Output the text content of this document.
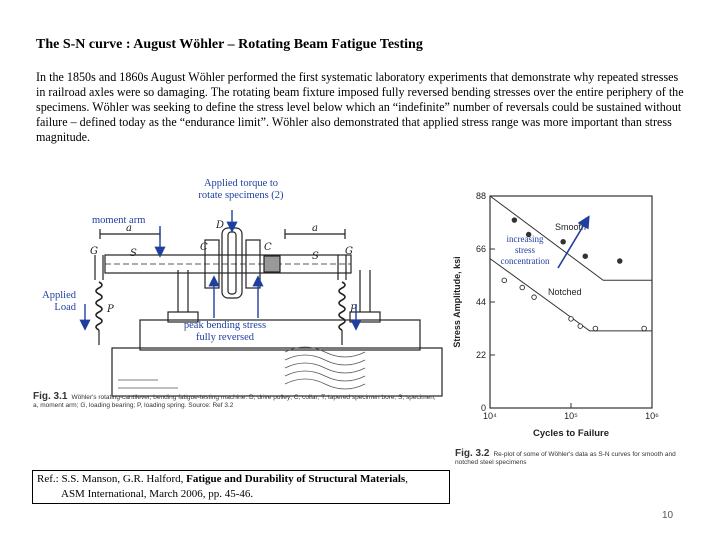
The S-N curve : August Wöhler – Rotating Beam Fatigue Testing
In the 1850s and 1860s August Wöhler performed the first systematic laboratory experiments that demonstrate why repeated stresses in railroad axles were so damaging. The rotating beam fixture imposed fully reversed bending stresses over the entire periphery of the specimens. Wöhler was seeking to define the stress level below which an “indefinite” number of reversals could be sustained without failure – defined today as the “endurance limit”. Wöhler also demonstrated that applied stress range was more important than stress magnitude.
a	a
G	S
C
D
C
S	G
P	P
Applied torque to
rotate specimens (2)
moment arm
Applied
Load
peak bending stress
fully reversed
Fig. 3.1 Wöhler's rotating-cantilever, bending fatigue-testing machine. D, drive pulley; C, collar; T, tapered specimen bore; S, specimen; a, moment arm; G, loading bearing; P, loading spring. Source: Ref 3.2
88
66
44
22
0
10⁴	10⁵	10⁶
Cycles to Failure
Stress Amplitude, ksi
Smooth
Notched
increasing
stress
concentration
Fig. 3.2 Re-plot of some of Wöhler's data as S-N curves for smooth and notched steel specimens
Ref.: S.S. Manson, G.R. Halford, Fatigue and Durability of Structural Materials,
ASM International, March 2006, pp. 45-46.
10
